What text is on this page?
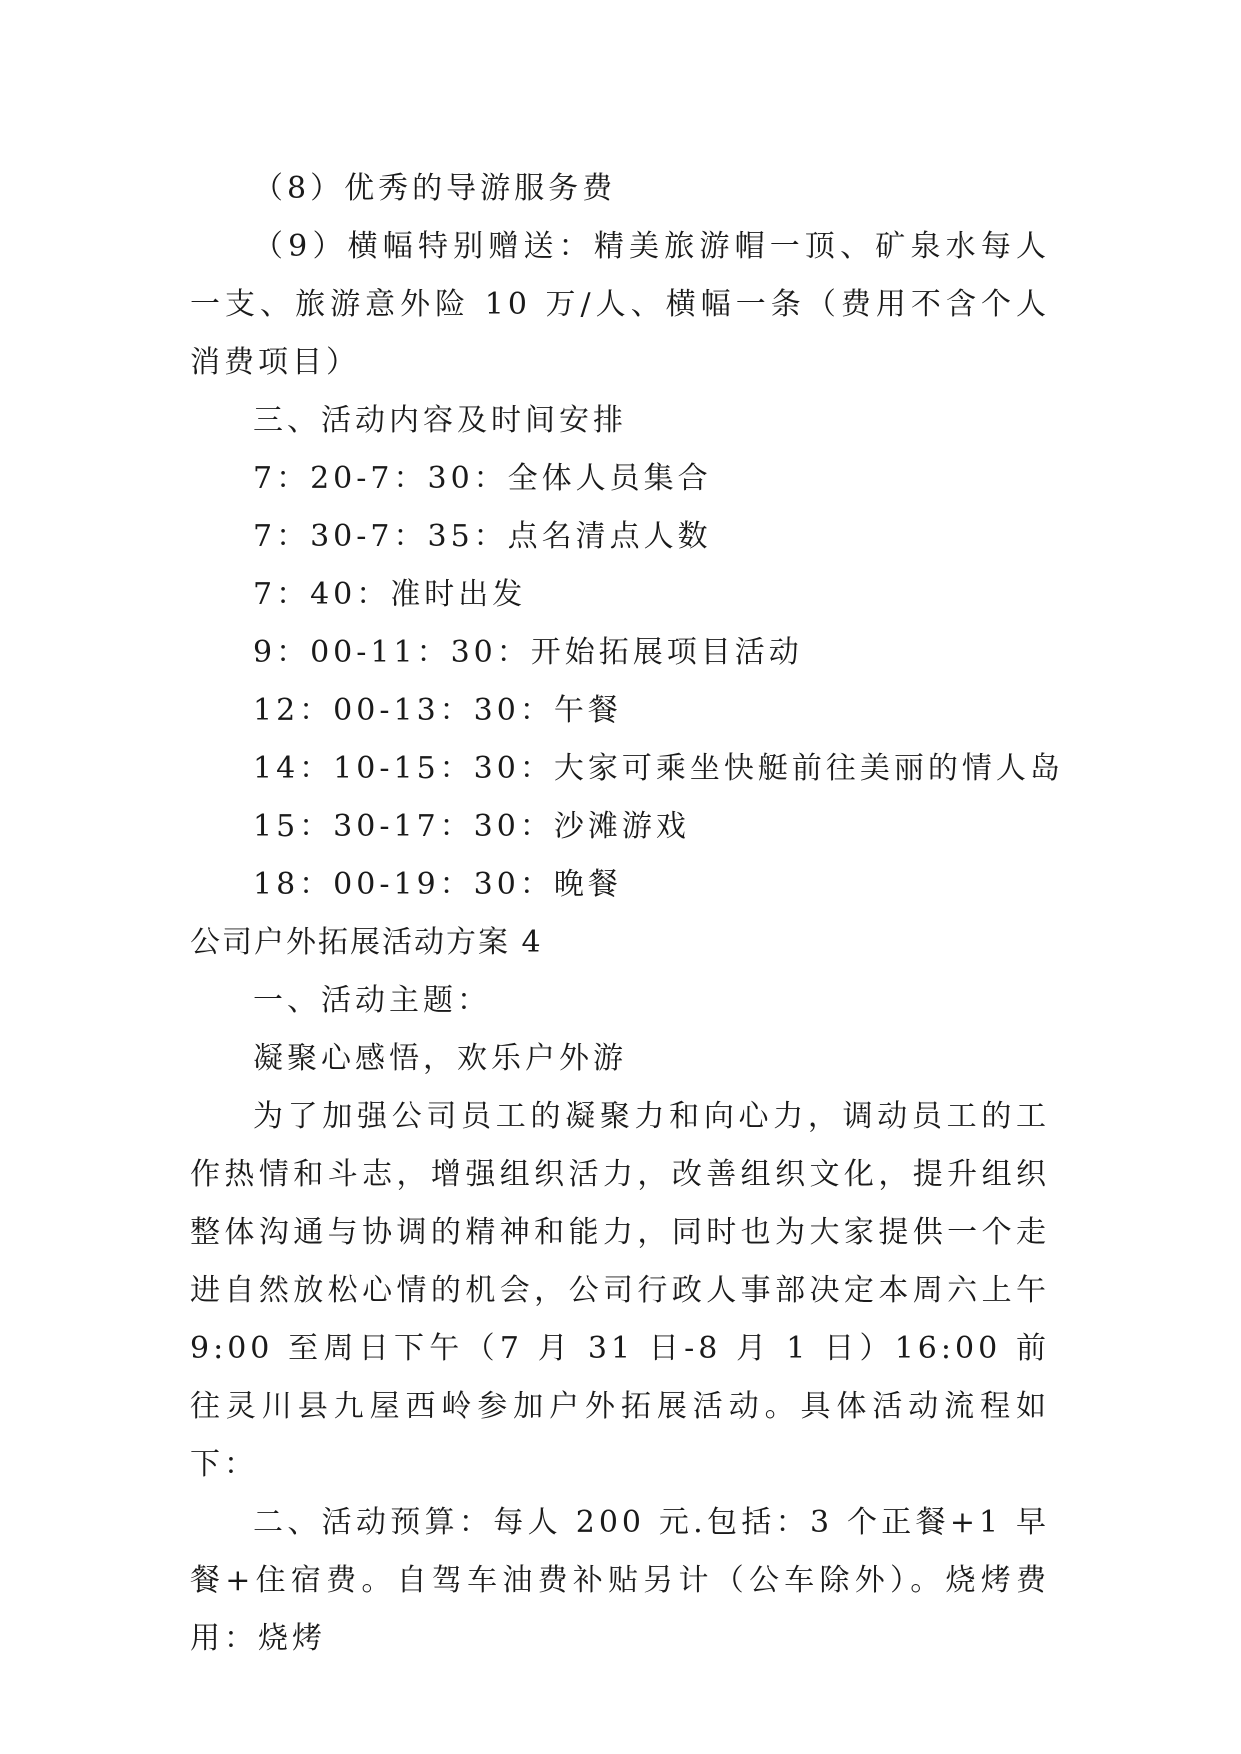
（8）优秀的导游服务费
（9）横幅特别赠送：精美旅游帽一顶、矿泉水每人一支、旅游意外险 10 万/人、横幅一条（费用不含个人消费项目）
三、活动内容及时间安排
7：20-7：30：全体人员集合
7：30-7：35：点名清点人数
7：40：准时出发
9：00-11：30：开始拓展项目活动
12：00-13：30：午餐
14：10-15：30：大家可乘坐快艇前往美丽的情人岛
15：30-17：30：沙滩游戏
18：00-19：30：晚餐
公司户外拓展活动方案 4
一、活动主题：
凝聚心感悟，欢乐户外游
为了加强公司员工的凝聚力和向心力，调动员工的工作热情和斗志，增强组织活力，改善组织文化，提升组织整体沟通与协调的精神和能力，同时也为大家提供一个走进自然放松心情的机会，公司行政人事部决定本周六上午 9:00 至周日下午（7 月 31 日-8 月 1 日）16:00 前往灵川县九屋西岭参加户外拓展活动。具体活动流程如下：
二、活动预算：每人 200 元.包括：3 个正餐+1 早餐+住宿费。自驾车油费补贴另计（公车除外）。烧烤费用：烧烤
